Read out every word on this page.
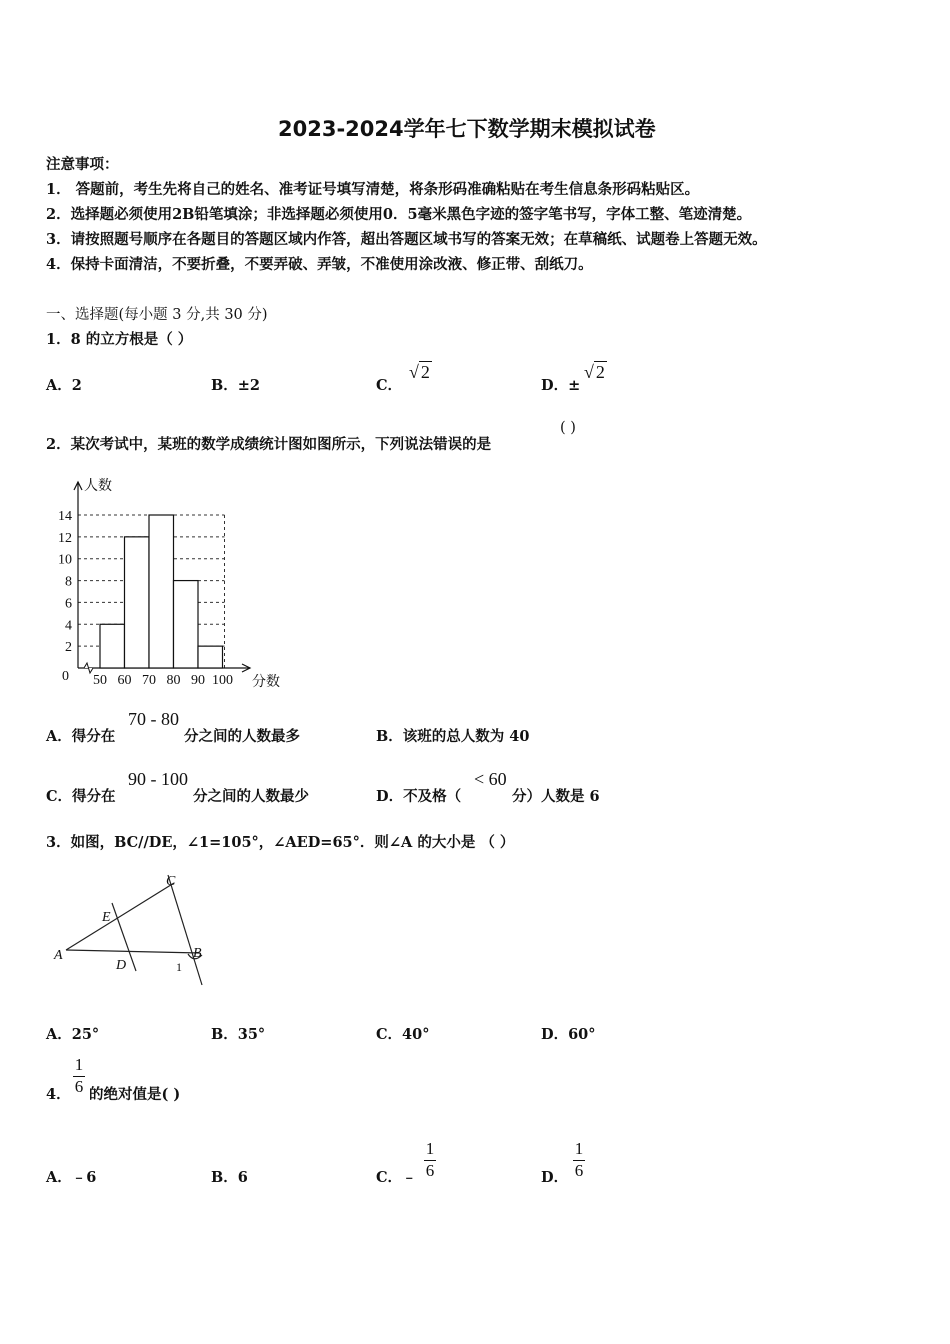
2023-2024学年七下数学期末模拟试卷
注意事项：
1． 答题前，考生先将自己的姓名、准考证号填写清楚，将条形码准确粘贴在考生信息条形码粘贴区。
2．选择题必须使用2B铅笔填涂；非选择题必须使用0．5毫米黑色字迹的签字笔书写，字体工整、笔迹清楚。
3．请按照题号顺序在各题目的答题区域内作答，超出答题区域书写的答案无效；在草稿纸、试题卷上答题无效。
4．保持卡面清洁，不要折叠，不要弄破、弄皱，不准使用涂改液、修正带、刮纸刀。
一、选择题(每小题 3 分,共 30 分)
1．8 的立方根是（ ）
A．2	B．±2	C．
√ 2
D．±
√ 2
2．某次考试中，某班的数学成绩统计图如图所示，下列说法错误的是
( )
2
4
6
8
10
12
14
50 60 70 80 90 100
0
人数
分数
A．得分在
70 - 80
分之间的人数最多	B．该班的总人数为 40
C．得分在
90 - 100
分之间的人数最少	D．不及格（
< 60
分）人数是 6
3．如图，BC//DE，∠1=105°，∠AED=65°．则∠A 的大小是 （ ）
A	B
C
D
E
1
A．25°	B．35°	C．40°	D．60°
4．
1
6 的绝对值是( )
A．﹣6	B．6	C．﹣
1
6	D．
1
6
